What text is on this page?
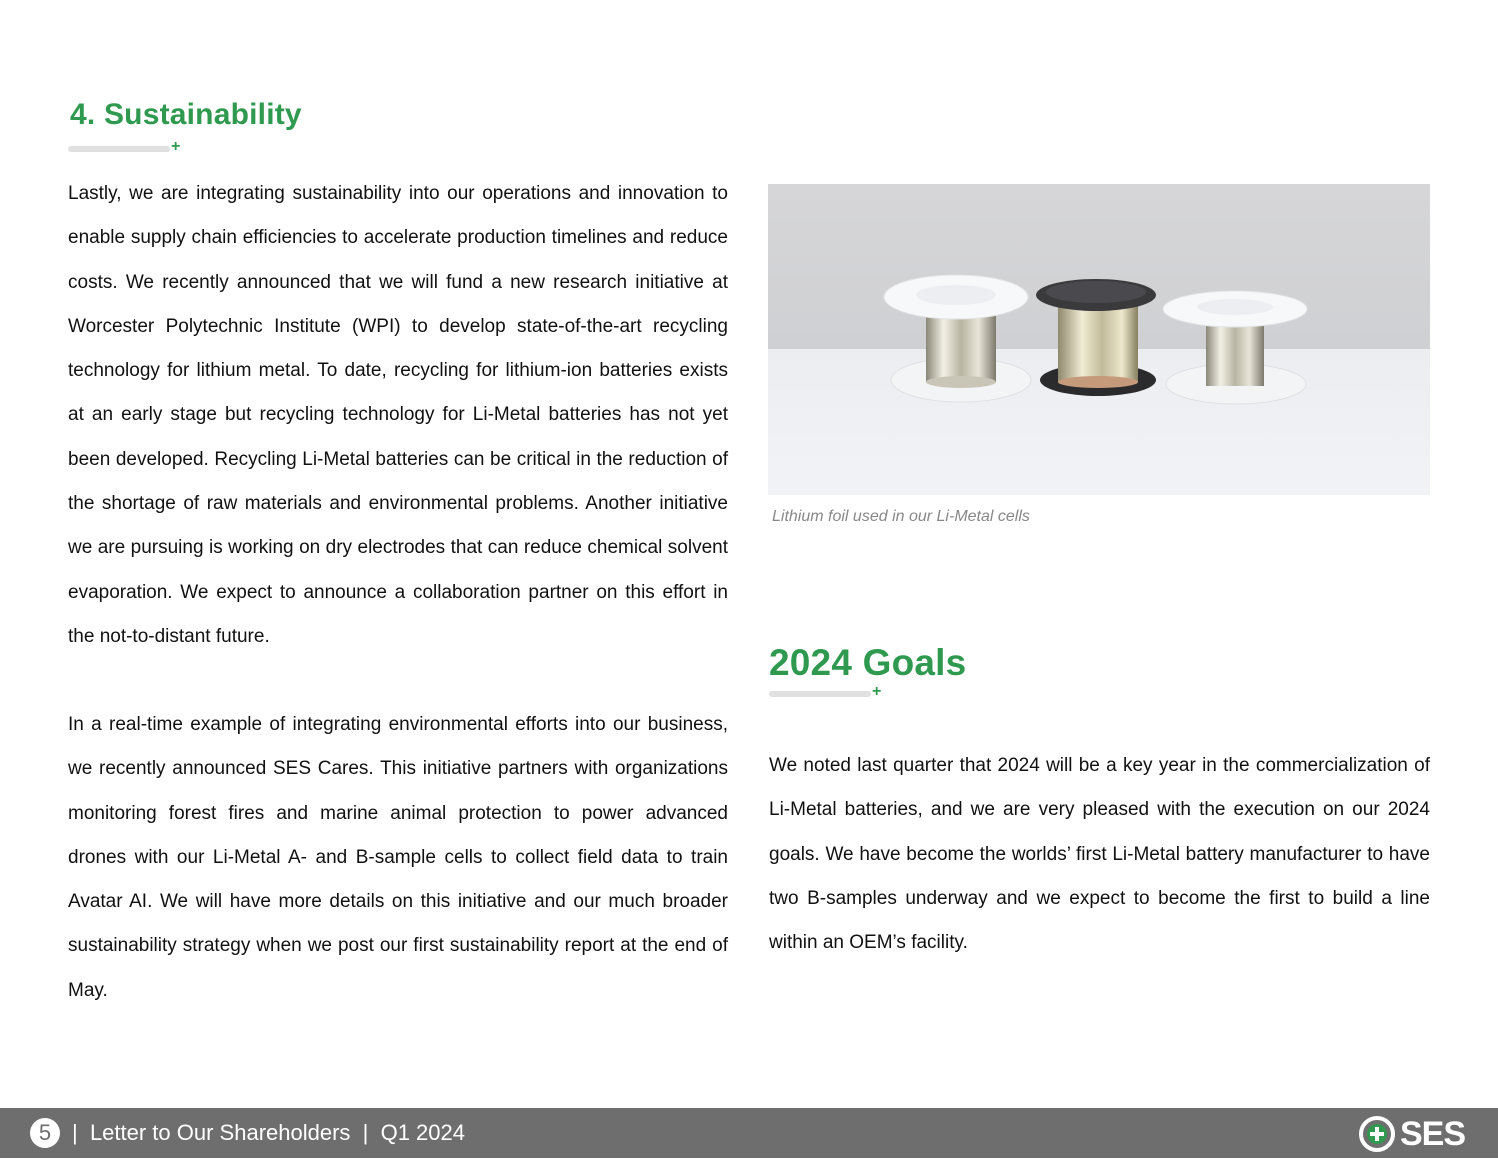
4. Sustainability
+

Lastly, we are integrating sustainability into our operations and innovation to enable supply chain efficiencies to accelerate production timelines and reduce costs. We recently announced that we will fund a new research initiative at Worcester Polytechnic Institute (WPI) to develop state-of-the-art recycling technology for lithium metal. To date, recycling for lithium-ion batteries exists at an early stage but recycling technology for Li-Metal batteries has not yet been developed. Recycling Li-Metal batteries can be critical in the reduction of the shortage of raw materials and environmental problems. Another initiative we are pursuing is working on dry electrodes that can reduce chemical solvent evaporation. We expect to announce a collaboration partner on this effort in the not-to-distant future.

In a real-time example of integrating environmental efforts into our business, we recently announced SES Cares. This initiative partners with organizations monitoring forest fires and marine animal protection to power advanced drones with our Li-Metal A- and B-sample cells to collect field data to train Avatar AI. We will have more details on this initiative and our much broader sustainability strategy when we post our first sustainability report at the end of May.

Lithium foil used in our Li-Metal cells

2024 Goals
+

We noted last quarter that 2024 will be a key year in the commercialization of Li-Metal batteries, and we are very pleased with the execution on our 2024 goals. We have become the worlds’ first Li-Metal battery manufacturer to have two B-samples underway and we expect to become the first to build a line within an OEM’s facility.

5 |  Letter to Our Shareholders  |  Q1 2024	SES
